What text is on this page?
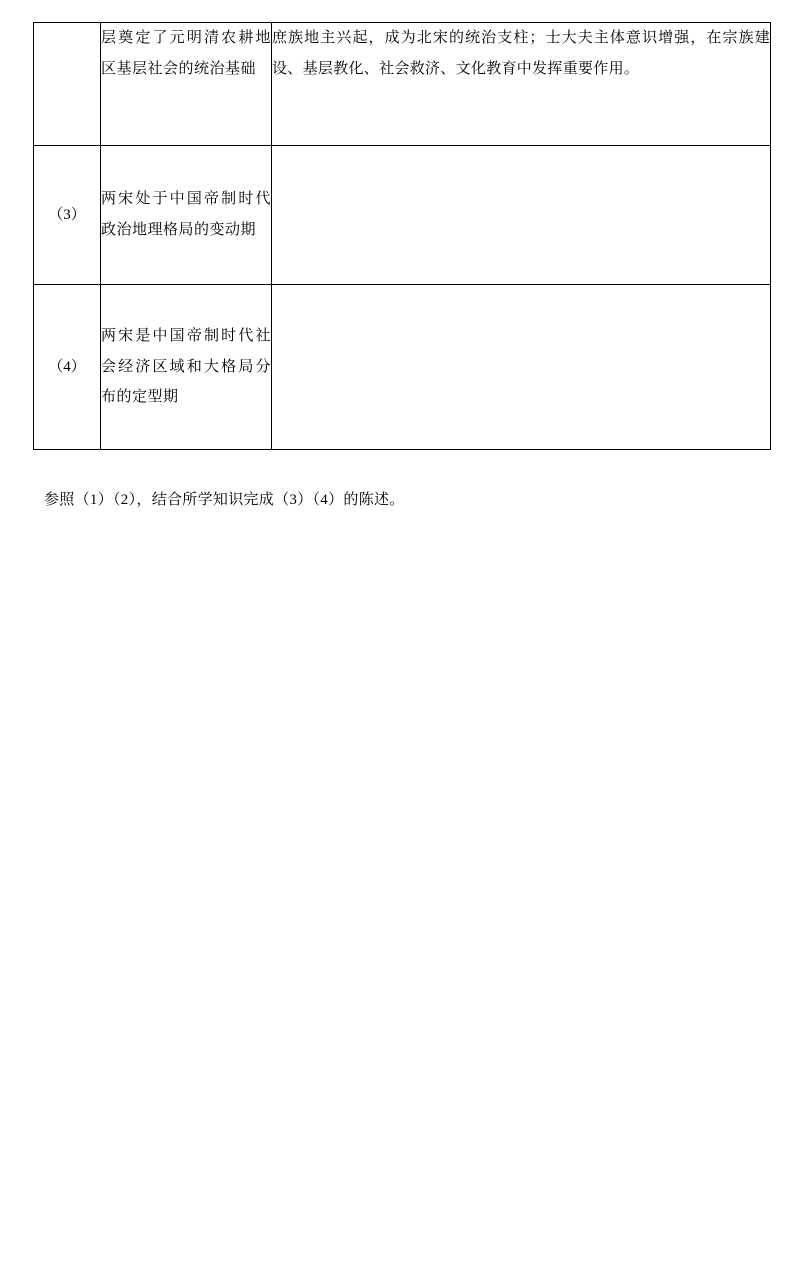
	层奠定了元明清农耕地区基层社会的统治基础	庶族地主兴起，成为北宋的统治支柱；士大夫主体意识增强，在宗族建设、基层教化、社会救济、文化教育中发挥重要作用。
（3）	两宋处于中国帝制时代政治地理格局的变动期	
（4）	两宋是中国帝制时代社会经济区域和大格局分布的定型期	
参照（1）（2），结合所学知识完成（3）（4）的陈述。
